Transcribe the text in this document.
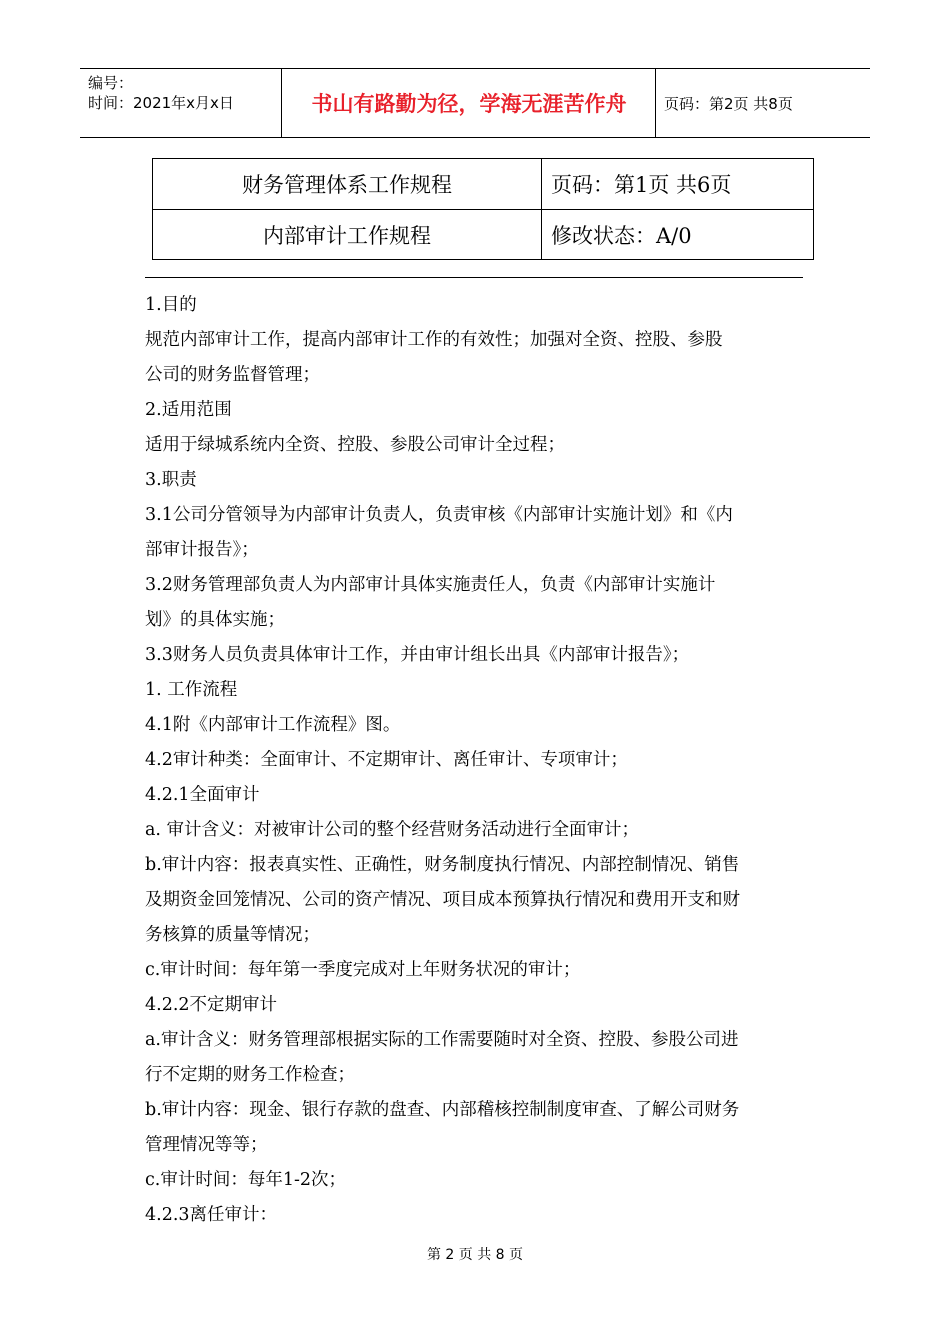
编号：
时间：2021年x月x日	书山有路勤为径，学海无涯苦作舟	页码：第2页 共8页
财务管理体系工作规程	页码：第1页 共6页
内部审计工作规程	修改状态：A/0
1.目的
规范内部审计工作，提高内部审计工作的有效性；加强对全资、控股、参股
公司的财务监督管理；
2.适用范围
适用于绿城系统内全资、控股、参股公司审计全过程；
3.职责
3.1公司分管领导为内部审计负责人，负责审核《内部审计实施计划》和《内
部审计报告》；
3.2财务管理部负责人为内部审计具体实施责任人，负责《内部审计实施计
划》的具体实施；
3.3财务人员负责具体审计工作，并由审计组长出具《内部审计报告》；
1. 工作流程
4.1附《内部审计工作流程》图。
4.2审计种类：全面审计、不定期审计、离任审计、专项审计；
4.2.1全面审计
a. 审计含义：对被审计公司的整个经营财务活动进行全面审计；
b.审计内容：报表真实性、正确性，财务制度执行情况、内部控制情况、销售
及期资金回笼情况、公司的资产情况、项目成本预算执行情况和费用开支和财
务核算的质量等情况；
c.审计时间：每年第一季度完成对上年财务状况的审计；
4.2.2不定期审计
a.审计含义：财务管理部根据实际的工作需要随时对全资、控股、参股公司进
行不定期的财务工作检查；
b.审计内容：现金、银行存款的盘查、内部稽核控制制度审查、了解公司财务
管理情况等等；
c.审计时间：每年1-2次；
4.2.3离任审计：
第 2 页 共 8 页
